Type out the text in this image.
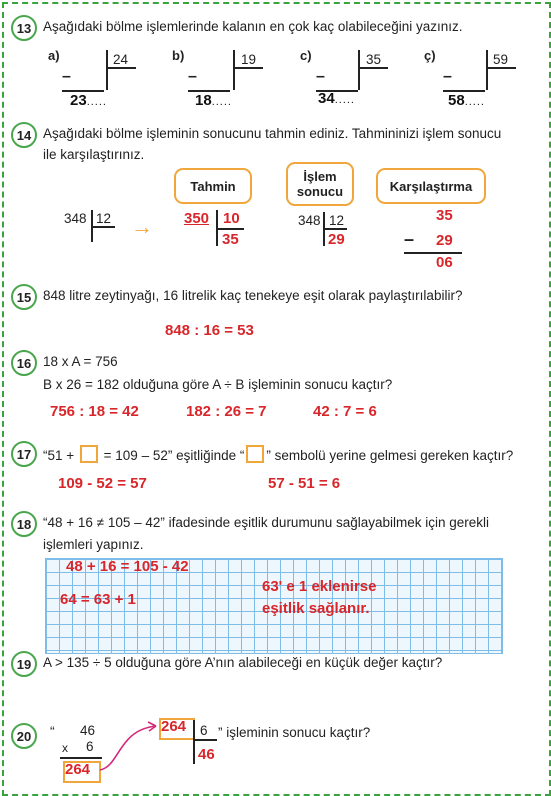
13 Aşağıdaki bölme işlemlerinde kalanın en çok kaç olabileceğini yazınız.
a)	24
–
23.....
b)	19
–
18.....
c)	35
–
34.....
ç)	59
–
58.....
14 Aşağıdaki bölme işleminin sonucunu tahmin ediniz. Tahmininizi işlem sonucu
ile karşılaştırınız.
Tahmin
İşlem
sonucu	Karşılaştırma
348 12 → 350 10
35
348 12
29
35
– 29
06
15 848 litre zeytinyağı, 16 litrelik kaç tenekeye eşit olarak paylaştırılabilir?
848 : 16 = 53
16 18 x A = 756
B x 26 = 182 olduğuna göre A ÷ B işleminin sonucu kaçtır?
756 : 18 = 42	182 : 26 = 7	42 : 7 = 6
17 “51 +  = 109 – 52” eşitliğinde “ ” sembolü yerine gelmesi gereken kaçtır?
109 - 52 = 57	57 - 51 = 6
18 “48 + 16 ≠ 105 – 42” ifadesinde eşitlik durumunu sağlayabilmek için gerekli
işlemleri yapınız.
48 + 16 = 105 - 42
64 = 63 + 1
63' e 1 eklenirse
eşitlik sağlanır.
19 A > 135 ÷ 5 olduğuna göre A’nın alabileceği en küçük değer kaçtır?
20	“ 46
x 6
264
264 6 ” işleminin sonucu kaçtır?
46
